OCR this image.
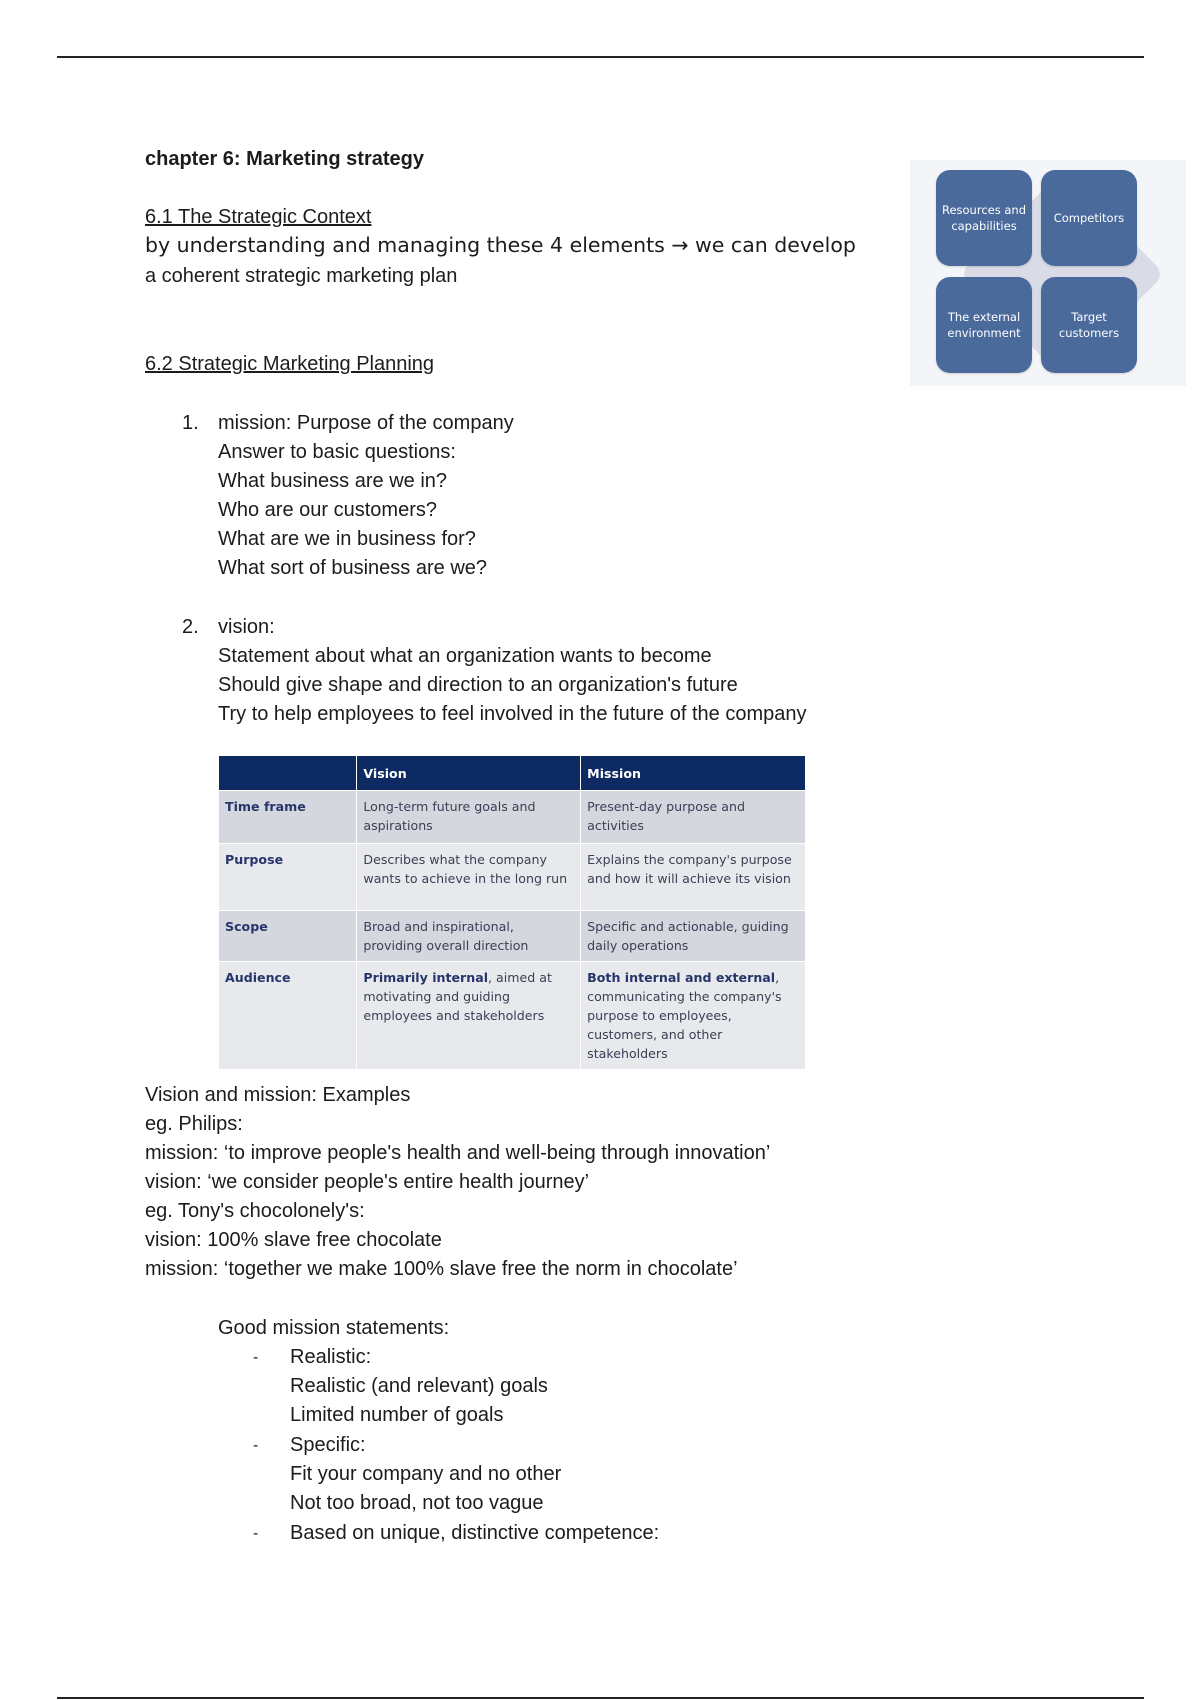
chapter 6: Marketing strategy
6.1 The Strategic Context
by understanding and managing these 4 elements → we can develop
a coherent strategic marketing plan
Resources and capabilities
Competitors
The external environment
Target customers
6.2 Strategic Marketing Planning
1. mission: Purpose of the company
Answer to basic questions:
What business are we in?
Who are our customers?
What are we in business for?
What sort of business are we?
2. vision:
Statement about what an organization wants to become
Should give shape and direction to an organization's future
Try to help employees to feel involved in the future of the company
	Vision	Mission
Time frame	Long-term future goals and aspirations	Present-day purpose and activities
Purpose	Describes what the company wants to achieve in the long run	Explains the company's purpose and how it will achieve its vision
Scope	Broad and inspirational, providing overall direction	Specific and actionable, guiding daily operations
Audience	Primarily internal, aimed at motivating and guiding employees and stakeholders	Both internal and external, communicating the company's purpose to employees, customers, and other stakeholders
Vision and mission: Examples
eg. Philips:
mission: ‘to improve people's health and well-being through innovation’
vision: ‘we consider people's entire health journey’
eg. Tony's chocolonely's:
vision: 100% slave free chocolate
mission: ‘together we make 100% slave free the norm in chocolate’
Good mission statements:
- Realistic:
Realistic (and relevant) goals
Limited number of goals
- Specific:
Fit your company and no other
Not too broad, not too vague
- Based on unique, distinctive competence:
